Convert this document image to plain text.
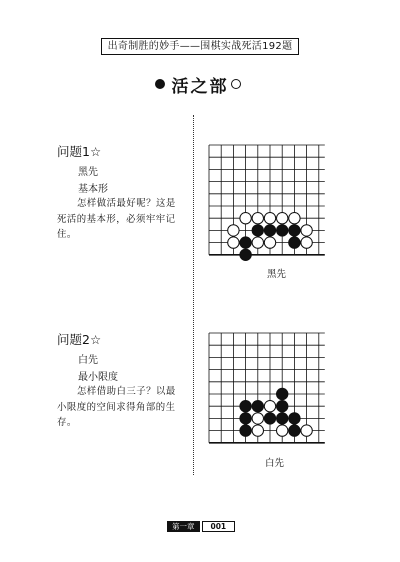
出奇制胜的妙手——围棋实战死活192题
活之部
问题1☆
黑先
基本形
怎样做活最好呢？这是死活的基本形，必须牢牢记住。
黑先
问题2☆
白先
最小限度
怎样借助白三子？以最小限度的空间求得角部的生存。
白先
第一章	001
